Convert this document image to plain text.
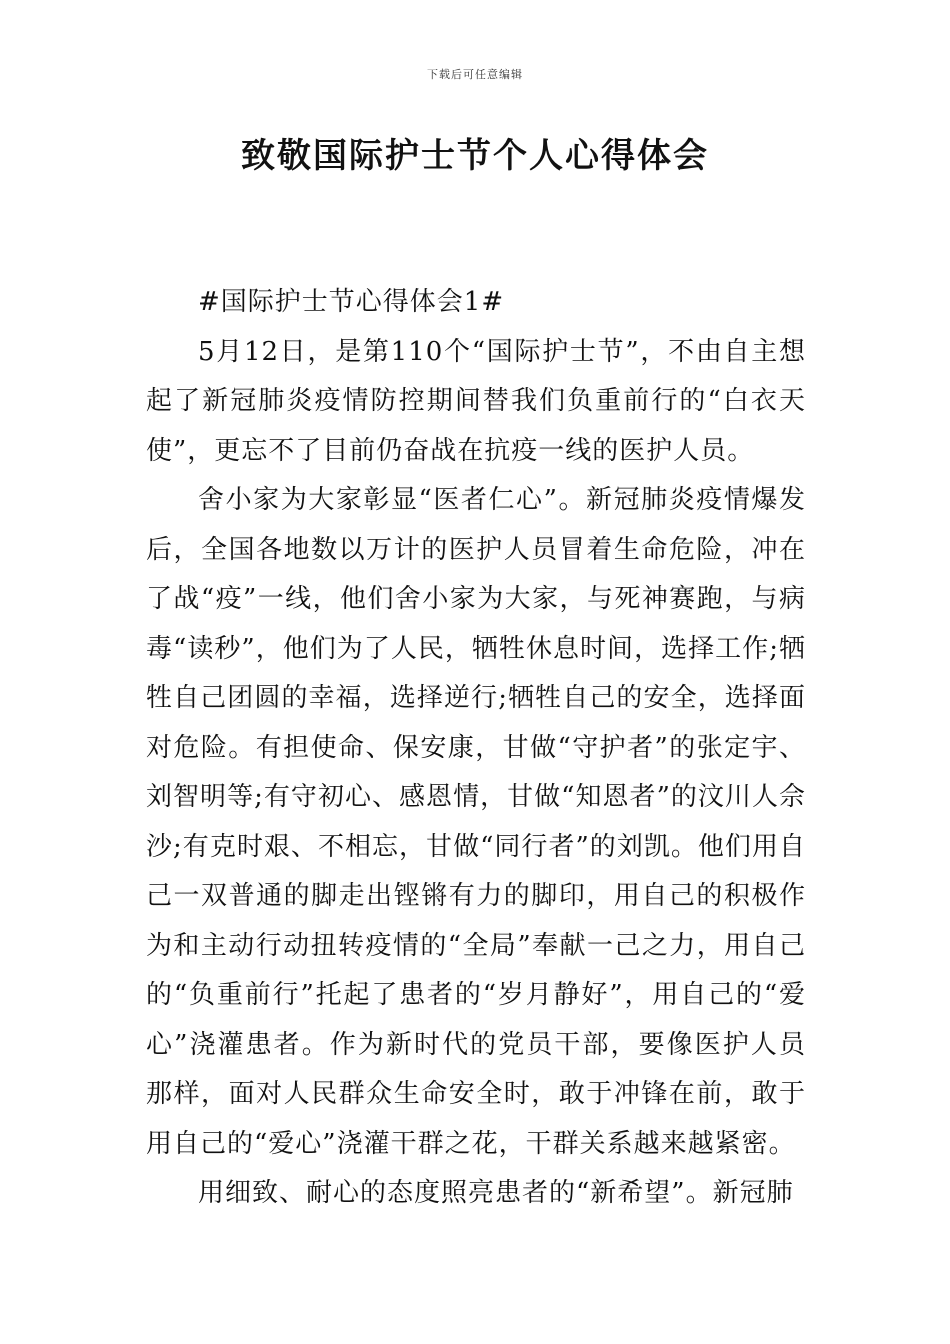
下载后可任意编辑
致敬国际护士节个人心得体会

#国际护士节心得体会1#

5月12日，是第110个“国际护士节”，不由自主想起了新冠肺炎疫情防控期间替我们负重前行的“白衣天使”，更忘不了目前仍奋战在抗疫一线的医护人员。

舍小家为大家彰显“医者仁心”。新冠肺炎疫情爆发后，全国各地数以万计的医护人员冒着生命危险，冲在了战“疫”一线，他们舍小家为大家，与死神赛跑，与病毒“读秒”，他们为了人民，牺牲休息时间，选择工作;牺牲自己团圆的幸福，选择逆行;牺牲自己的安全，选择面对危险。有担使命、保安康，甘做“守护者”的张定宇、刘智明等;有守初心、感恩情，甘做“知恩者”的汶川人佘沙;有克时艰、不相忘，甘做“同行者”的刘凯。他们用自己一双普通的脚走出铿锵有力的脚印，用自己的积极作为和主动行动扭转疫情的“全局”奉献一己之力，用自己的“负重前行”托起了患者的“岁月静好”，用自己的“爱心”浇灌患者。作为新时代的党员干部，要像医护人员那样，面对人民群众生命安全时，敢于冲锋在前，敢于用自己的“爱心”浇灌干群之花，干群关系越来越紧密。

用细致、耐心的态度照亮患者的“新希望”。新冠肺
